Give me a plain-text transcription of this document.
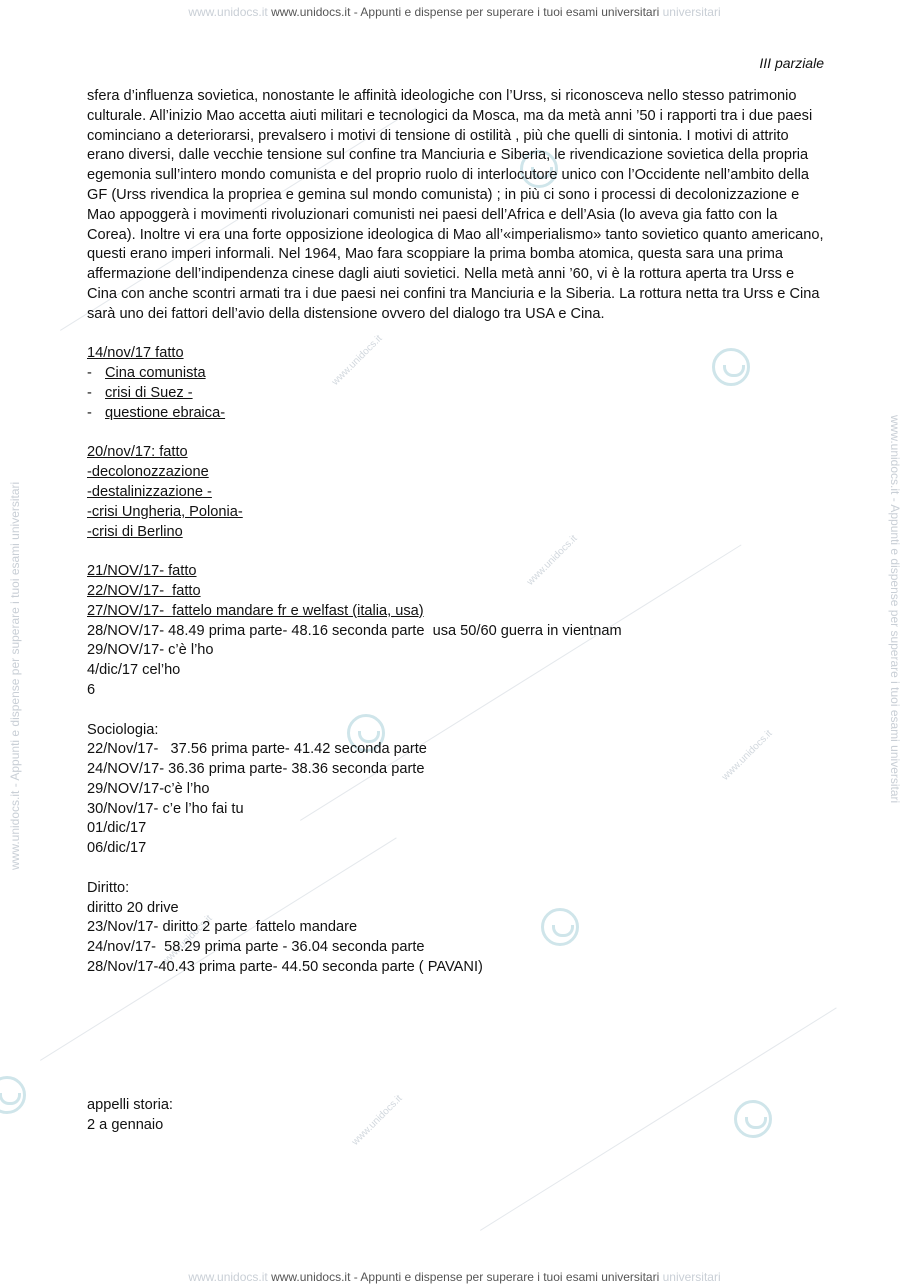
www.unidocs.it www.unidocs.it - Appunti e dispense per superare i tuoi esami universitari universitari
www.unidocs.it www.unidocs.it - Appunti e dispense per superare i tuoi esami universitari universitari
www.unidocs.it - Appunti e dispense per superare i tuoi esami universitari	www.unidocs.it - Appunti e dispense per superare i tuoi esami universitari
www.unidocs.it
www.unidocs.it
www.unidocs.it
www.unidocs.it
www.unidocs.it
III parziale

sfera d’influenza sovietica, nonostante le affinità ideologiche con l’Urss, si riconosceva nello stesso patrimonio culturale. All’inizio Mao accetta aiuti militari e tecnologici da Mosca, ma da metà anni ’50 i rapporti tra i due paesi cominciano a deteriorarsi, prevalsero i motivi di tensione di ostilità , più che quelli di sintonia. I motivi di attrito erano diversi, dalle vecchie tensione sul confine tra Manciuria e Siberia, le rivendicazione sovietica della propria egemonia sull’intero mondo comunista e del proprio ruolo di interlocutore unico con l’Occidente nell’ambito della GF (Urss rivendica la propriea e gemina sul mondo comunista) ; in più ci sono i processi di decolonizzazione e Mao appoggerà i movimenti rivoluzionari comunisti nei paesi dell’Africa e dell’Asia (lo aveva gia fatto con la Corea). Inoltre vi era una forte opposizione ideologica di Mao all’«imperialismo» tanto sovietico quanto americano, questi erano imperi informali. Nel 1964, Mao fara scoppiare la prima bomba atomica, questa sara una prima affermazione dell’indipendenza cinese dagli aiuti sovietici. Nella metà anni ’60, vi è la rottura aperta tra Urss e Cina con anche scontri armati tra i due paesi nei confini tra Manciuria e la Siberia. La rottura netta tra Urss e Cina sarà uno dei fattori dell’avio della distensione ovvero del dialogo tra USA e Cina.

14/nov/17 fatto
- Cina comunista
- crisi di Suez -
- questione ebraica-
20/nov/17: fatto
-decolonozzazione
-destalinizzazione -
-crisi Ungheria, Polonia-
-crisi di Berlino
21/NOV/17- fatto
22/NOV/17-  fatto
27/NOV/17-  fattelo mandare fr e welfast (italia, usa)
28/NOV/17- 48.49 prima parte- 48.16 seconda parte  usa 50/60 guerra in vientnam
29/NOV/17- c’è l’ho
4/dic/17 cel’ho
6
Sociologia:
22/Nov/17-   37.56 prima parte- 41.42 seconda parte
24/NOV/17- 36.36 prima parte- 38.36 seconda parte
29/NOV/17-c’è l’ho
30/Nov/17- c’e l’ho fai tu
01/dic/17
06/dic/17
Diritto:
diritto 20 drive
23/Nov/17- diritto 2 parte  fattelo mandare
24/nov/17-  58.29 prima parte - 36.04 seconda parte
28/Nov/17-40.43 prima parte- 44.50 seconda parte ( PAVANI)
appelli storia:
2 a gennaio
